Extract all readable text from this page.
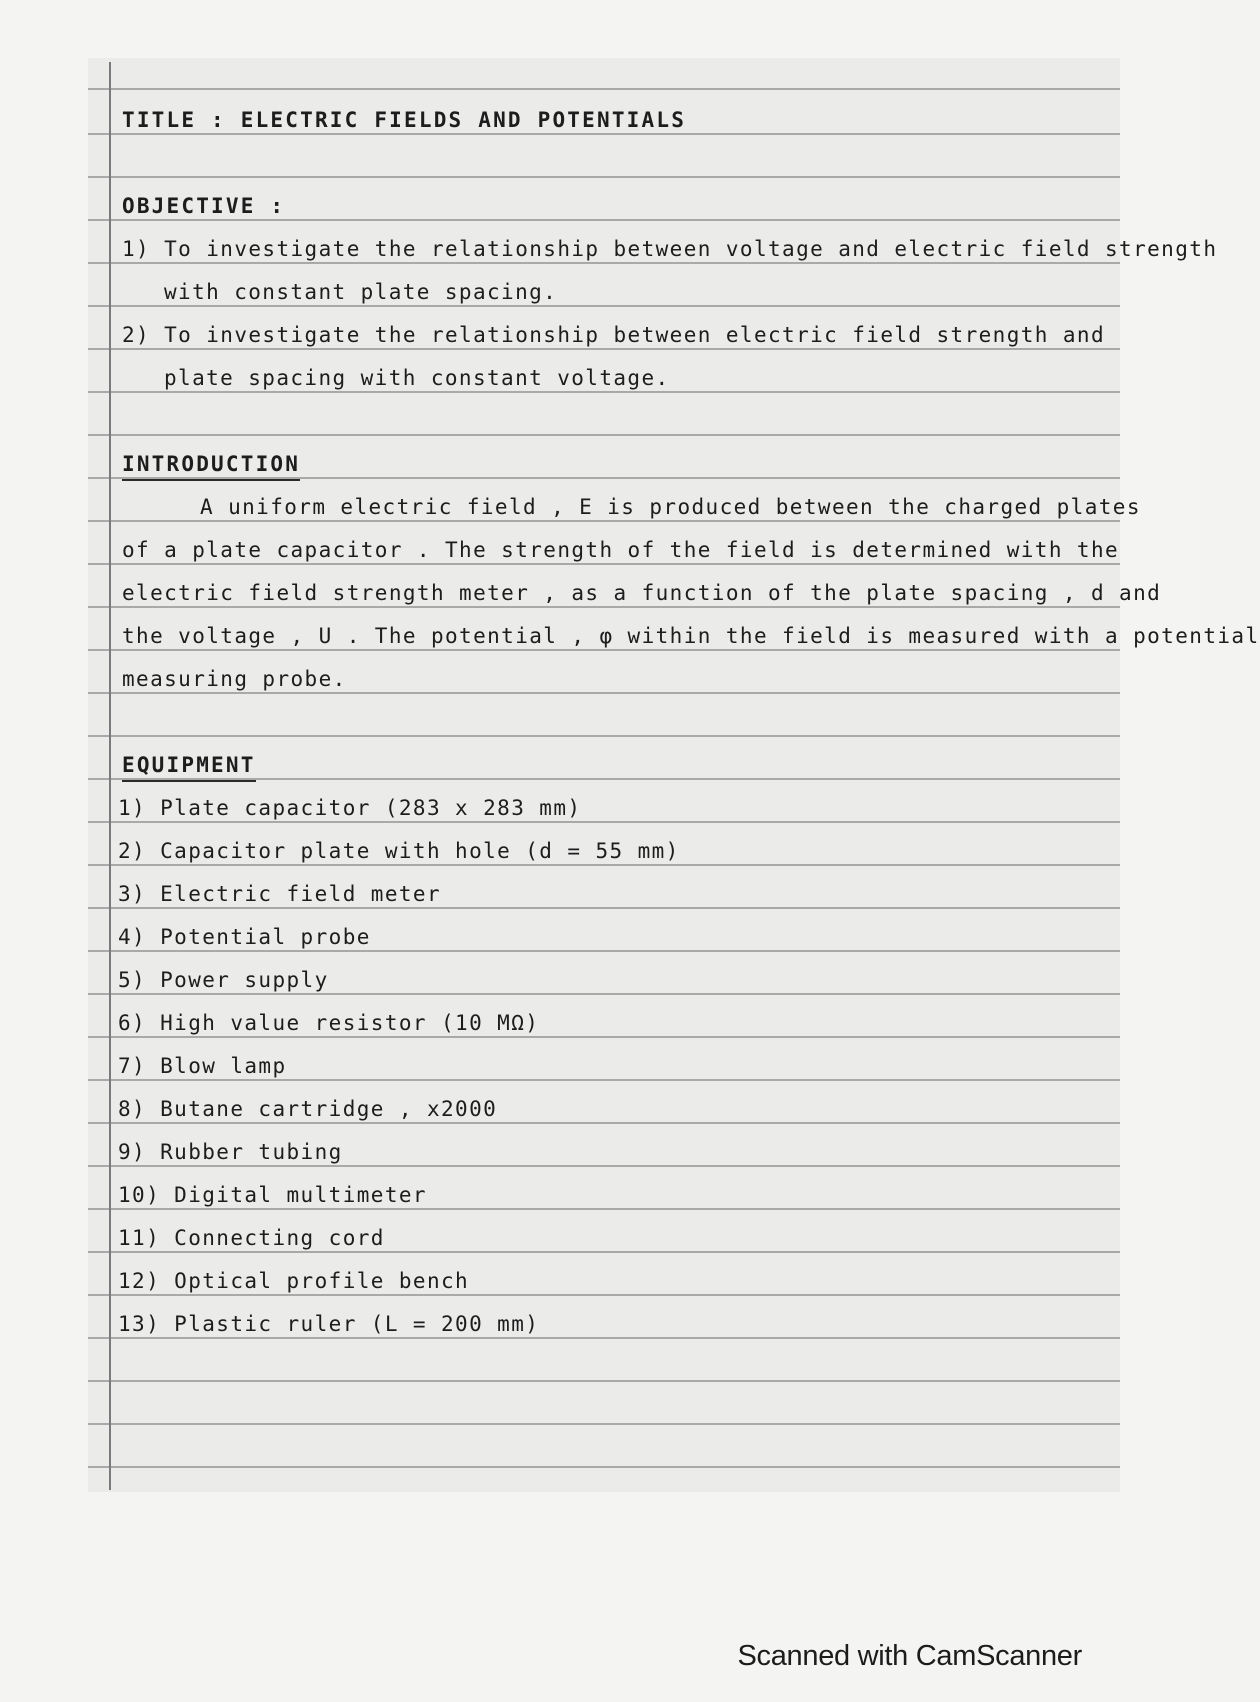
TITLE : ELECTRIC FIELDS AND POTENTIALS
OBJECTIVE :
1) To investigate the relationship between voltage and electric field strength
with constant plate spacing.
2) To investigate the relationship between electric field strength and
plate spacing with constant voltage.
INTRODUCTION
A uniform electric field , E is produced between the charged plates
of a plate capacitor . The strength of the field is determined with the
electric field strength meter , as a function of the plate spacing , d and
the voltage , U . The potential , φ within the field is measured with a potential
measuring probe.
EQUIPMENT
1) Plate capacitor (283 x 283 mm)
2) Capacitor plate with hole (d = 55 mm)
3) Electric field meter
4) Potential probe
5) Power supply
6) High value resistor (10 MΩ)
7) Blow lamp
8) Butane cartridge , x2000
9) Rubber tubing
10) Digital multimeter
11) Connecting cord
12) Optical profile bench
13) Plastic ruler (L = 200 mm)
Scanned with CamScanner
